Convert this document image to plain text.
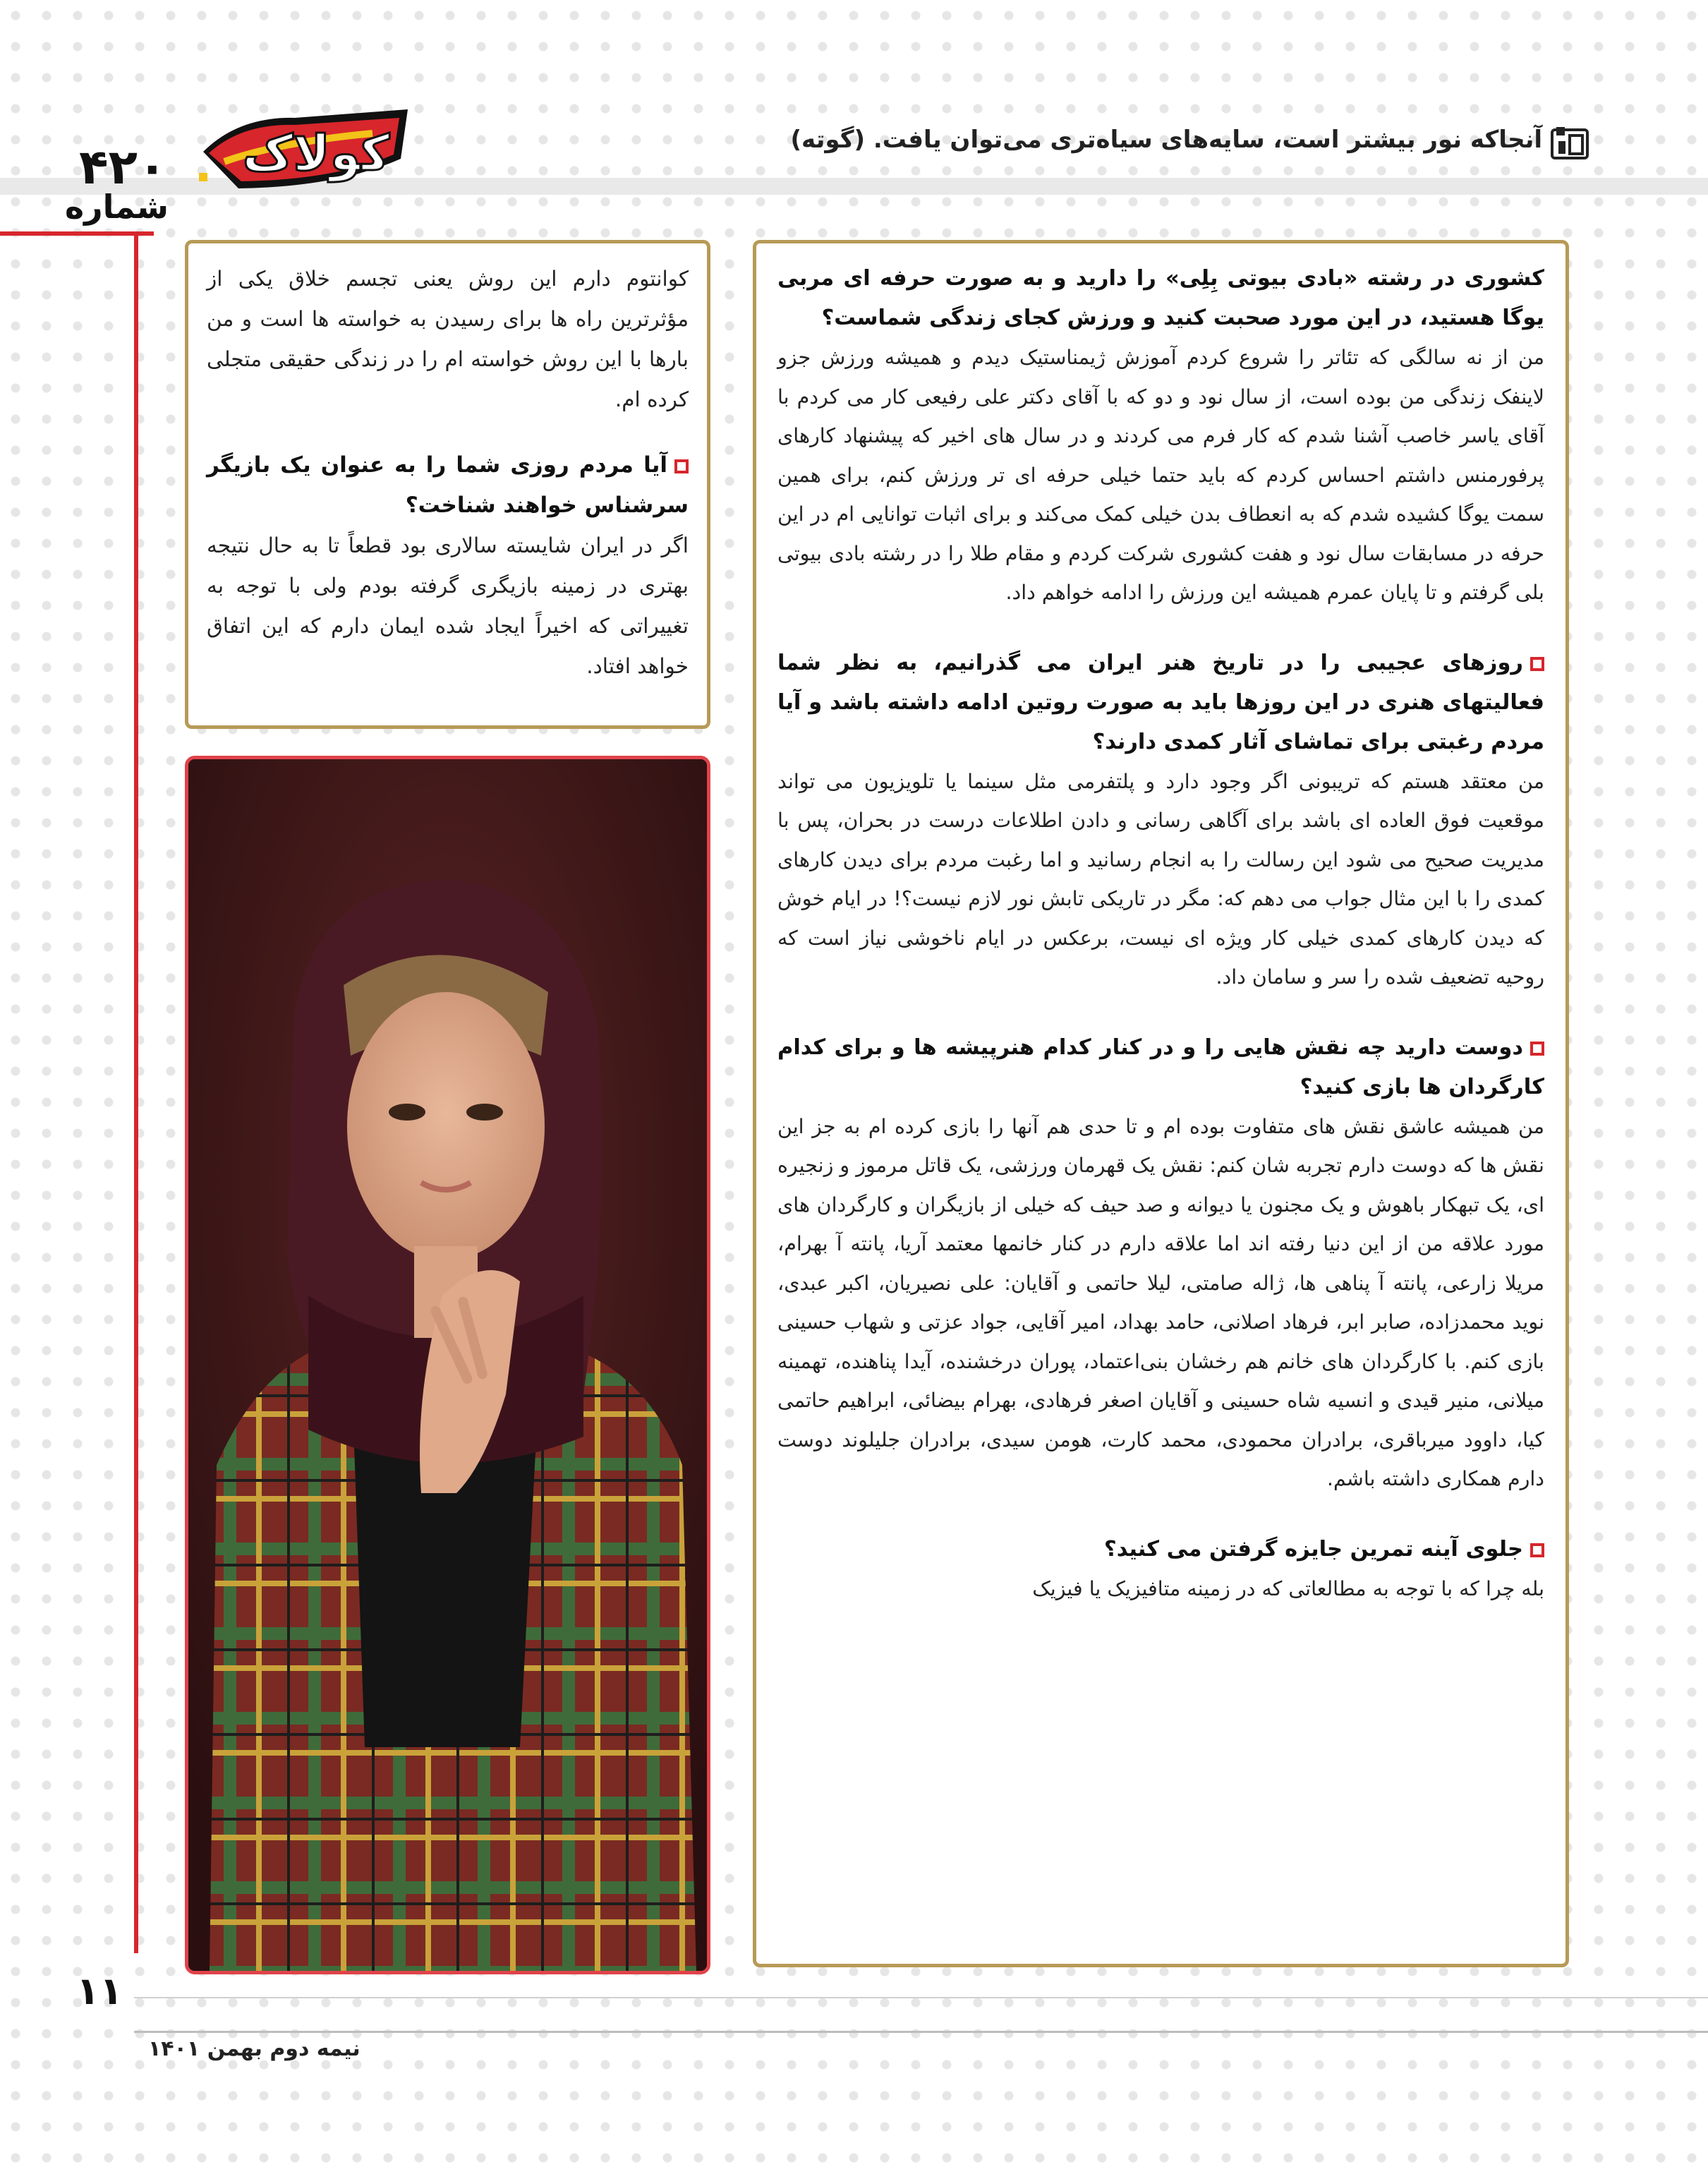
آنجاکه نور بیشتر است، سایه‌های سیاه‌تری می‌توان یافت. (گوته)
کولاک
۴۲۰
شماره

کشوری در رشته «بادی بیوتی بِلِی» را دارید و به صورت حرفه ای مربی یوگا هستید، در این مورد صحبت کنید و ورزش کجای زندگی شماست؟

من از نه سالگی که تئاتر را شروع کردم آموزش ژیمناستیک دیدم و همیشه ورزش جزو لاینفک زندگی من بوده است، از سال نود و دو که با آقای دکتر علی رفیعی کار می کردم با آقای یاسر خاصب آشنا شدم که کار فرم می کردند و در سال های اخیر که پیشنهاد کارهای پرفورمنس داشتم احساس کردم که باید حتما خیلی حرفه ای تر ورزش کنم، برای همین سمت یوگا کشیده شدم که به انعطاف بدن خیلی کمک می‌کند و برای اثبات توانایی ام در این حرفه در مسابقات سال نود و هفت کشوری شرکت کردم و مقام طلا را در رشته بادی بیوتی بلی گرفتم و تا پایان عمرم همیشه این ورزش را ادامه خواهم داد.

روزهای عجیبی را در تاریخ هنر ایران می گذرانیم، به نظر شما فعالیتهای هنری در این روزها باید به صورت روتین ادامه داشته باشد و آیا مردم رغبتی برای تماشای آثار کمدی دارند؟

من معتقد هستم که تریبونی اگر وجود دارد و پلتفرمی مثل سینما یا تلویزیون می تواند موقعیت فوق العاده ای باشد برای آگاهی رسانی و دادن اطلاعات درست در بحران، پس با مدیریت صحیح می شود این رسالت را به انجام رسانید و اما رغبت مردم برای دیدن کارهای کمدی را با این مثال جواب می دهم که: مگر در تاریکی تابش نور لازم نیست؟! در ایام خوش که دیدن کارهای کمدی خیلی کار ویژه ای نیست، برعکس در ایام ناخوشی نیاز است که روحیه تضعیف شده را سر و سامان داد.

دوست دارید چه نقش هایی را و در کنار کدام هنرپیشه ها و برای کدام کارگردان ها بازی کنید؟

من همیشه عاشق نقش های متفاوت بوده ام و تا حدی هم آنها را بازی کرده ام به جز این نقش ها که دوست دارم تجربه شان کنم: نقش یک قهرمان ورزشی، یک قاتل مرموز و زنجیره ای، یک تبهکار باهوش و یک مجنون یا دیوانه و صد حیف که خیلی از بازیگران و کارگردان های مورد علاقه من از این دنیا رفته اند اما علاقه دارم در کنار خانمها معتمد آریا، پانته آ بهرام، مریلا زارعی، پانته آ پناهی ها، ژاله صامتی، لیلا حاتمی و آقایان: علی نصیریان، اکبر عبدی، نوید محمدزاده، صابر ابر، فرهاد اصلانی، حامد بهداد، امیر آقایی، جواد عزتی و شهاب حسینی بازی کنم. با کارگردان های خانم هم رخشان بنی‌اعتماد، پوران درخشنده، آیدا پناهنده، تهمینه میلانی، منیر قیدی و انسیه شاه حسینی و آقایان اصغر فرهادی، بهرام بیضائی، ابراهیم حاتمی کیا، داوود میرباقری، برادران محمودی، محمد کارت، هومن سیدی، برادران جلیلوند دوست دارم همکاری داشته باشم.

جلوی آینه تمرین جایزه گرفتن می کنید؟

بله چرا که با توجه به مطالعاتی که در زمینه متافیزیک یا فیزیک

کوانتوم دارم این روش یعنی تجسم خلاق یکی از مؤثرترین راه ها برای رسیدن به خواسته ها است و من بارها با این روش خواسته ام را در زندگی حقیقی متجلی کرده ام.

آیا مردم روزی شما را به عنوان یک بازیگر سرشناس خواهند شناخت؟

اگر در ایران شایسته سالاری بود قطعاً تا به حال نتیجه بهتری در زمینه بازیگری گرفته بودم ولی با توجه به تغییراتی که اخیراً ایجاد شده ایمان دارم که این اتفاق خواهد افتاد.

۱۱
نیمه دوم بهمن ۱۴۰۱
